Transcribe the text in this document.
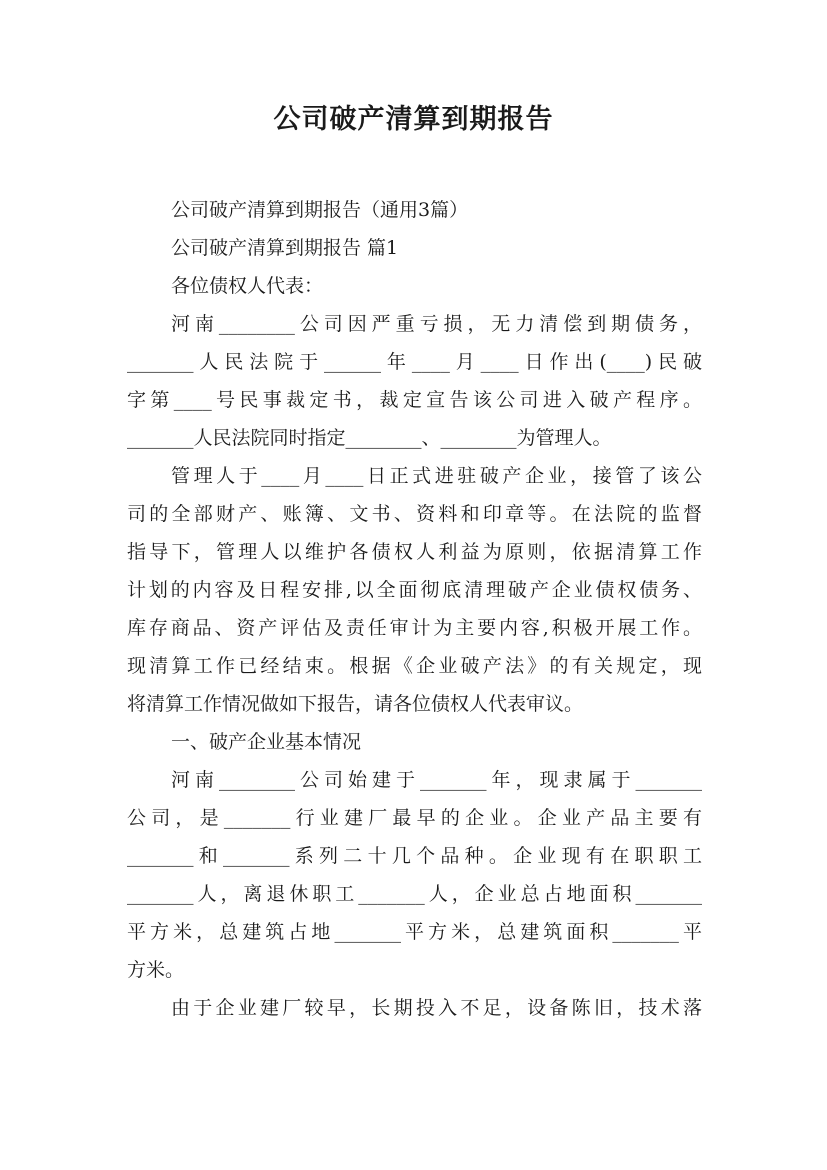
公司破产清算到期报告
公司破产清算到期报告（通用3篇）
公司破产清算到期报告 篇1
各位债权人代表：
河南________公司因严重亏损，无力清偿到期债务，
_______人民法院于______年____月____日作出(____)民破
字第____号民事裁定书，裁定宣告该公司进入破产程序。
_______人民法院同时指定________、________为管理人。
管理人于____月____日正式进驻破产企业，接管了该公
司的全部财产、账簿、文书、资料和印章等。在法院的监督
指导下，管理人以维护各债权人利益为原则，依据清算工作
计划的内容及日程安排,以全面彻底清理破产企业债权债务、
库存商品、资产评估及责任审计为主要内容,积极开展工作。
现清算工作已经结束。根据《企业破产法》的有关规定，现
将清算工作情况做如下报告，请各位债权人代表审议。
一、破产企业基本情况
河南________公司始建于_______年，现隶属于_______
公司，是_______行业建厂最早的企业。企业产品主要有
_______和_______系列二十几个品种。企业现有在职职工
_______人，离退休职工_______人，企业总占地面积_______
平方米，总建筑占地_______平方米，总建筑面积_______平
方米。
由于企业建厂较早，长期投入不足，设备陈旧，技术落
